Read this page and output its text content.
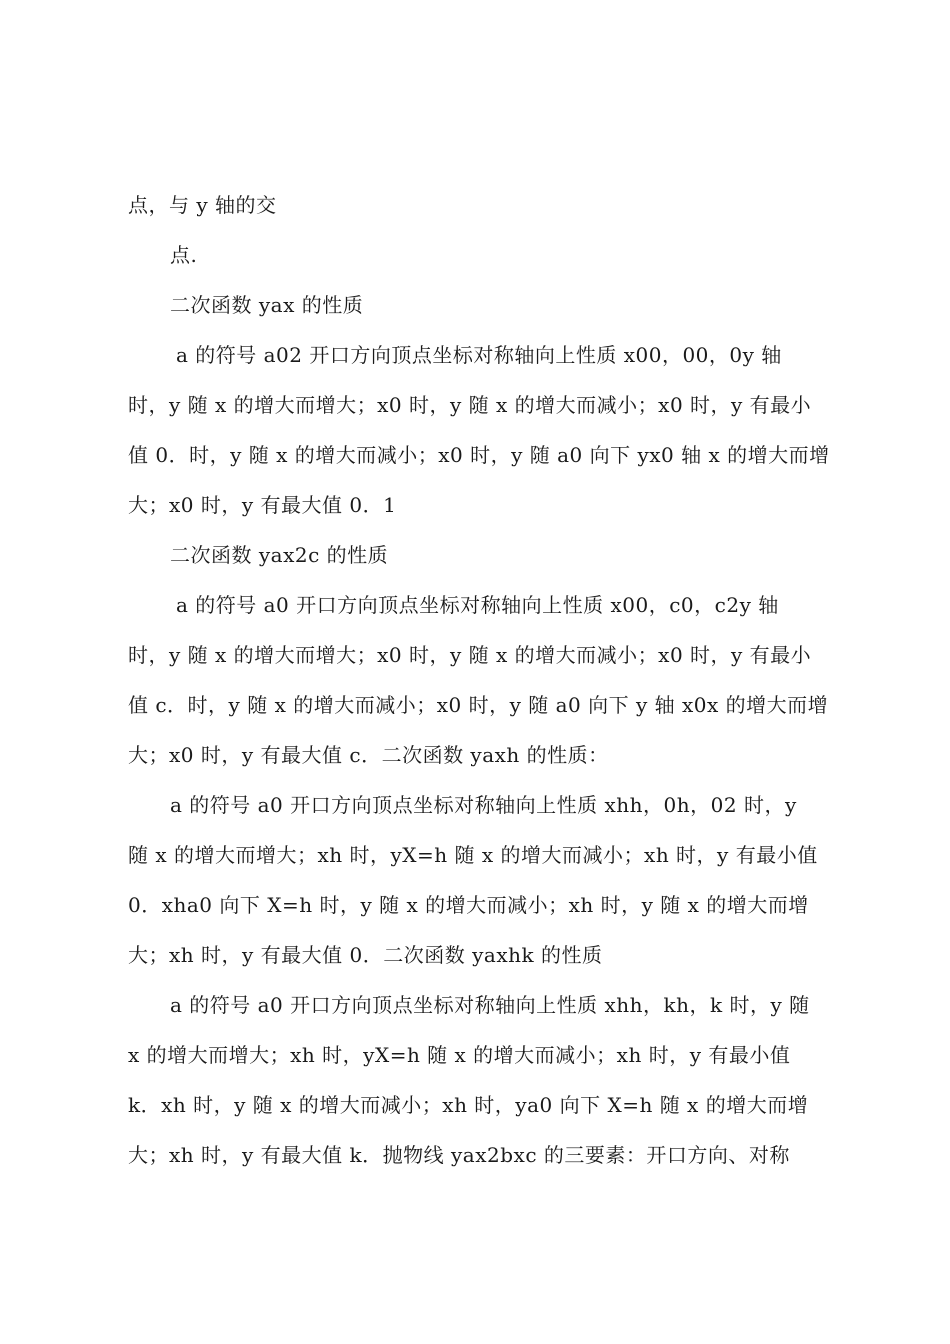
点，与 y 轴的交
点.
二次函数 yax 的性质
a 的符号 a02 开口方向顶点坐标对称轴向上性质 x00，00，0y 轴
时，y 随 x 的增大而增大；x0 时，y 随 x 的增大而减小；x0 时，y 有最小
值 0．时，y 随 x 的增大而减小；x0 时，y 随 a0 向下 yx0 轴 x 的增大而增
大；x0 时，y 有最大值 0．1
二次函数 yax2c 的性质
a 的符号 a0 开口方向顶点坐标对称轴向上性质 x00，c0，c2y 轴
时，y 随 x 的增大而增大；x0 时，y 随 x 的增大而减小；x0 时，y 有最小
值 c．时，y 随 x 的增大而减小；x0 时，y 随 a0 向下 y 轴 x0x 的增大而增
大；x0 时，y 有最大值 c．二次函数 yaxh 的性质：
a 的符号 a0 开口方向顶点坐标对称轴向上性质 xhh，0h，02 时，y
随 x 的增大而增大；xh 时，yX=h 随 x 的增大而减小；xh 时，y 有最小值
0．xha0 向下 X=h 时，y 随 x 的增大而减小；xh 时，y 随 x 的增大而增
大；xh 时，y 有最大值 0．二次函数 yaxhk 的性质
a 的符号 a0 开口方向顶点坐标对称轴向上性质 xhh，kh，k 时，y 随
x 的增大而增大；xh 时，yX=h 随 x 的增大而减小；xh 时，y 有最小值
k．xh 时，y 随 x 的增大而减小；xh 时，ya0 向下 X=h 随 x 的增大而增
大；xh 时，y 有最大值 k．抛物线 yax2bxc 的三要素：开口方向、对称
